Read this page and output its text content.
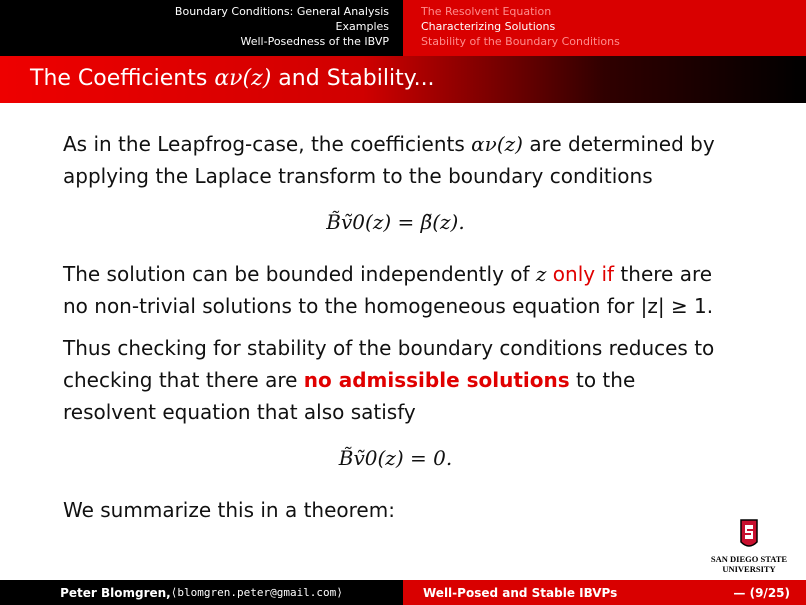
Boundary Conditions: General Analysis
Examples
Well-Posedness of the IBVP
The Resolvent Equation
Characterizing Solutions
Stability of the Boundary Conditions
The Coefficients αν(z) and Stability...

As in the Leapfrog-case, the coefficients αν(z) are determined by applying the Laplace transform to the boundary conditions

B̃ṽ0(z) = β̃(z).

The solution can be bounded independently of z only if there are no non-trivial solutions to the homogeneous equation for |z| ≥ 1.

Thus checking for stability of the boundary conditions reduces to checking that there are no admissible solutions to the resolvent equation that also satisfy

B̃ṽ0(z) = 0.

We summarize this in a theorem:

SAN DIEGO STATE
UNIVERSITY
Peter Blomgren, ⟨blomgren.peter@gmail.com⟩	Well-Posed and Stable IBVPs	— (9/25)
